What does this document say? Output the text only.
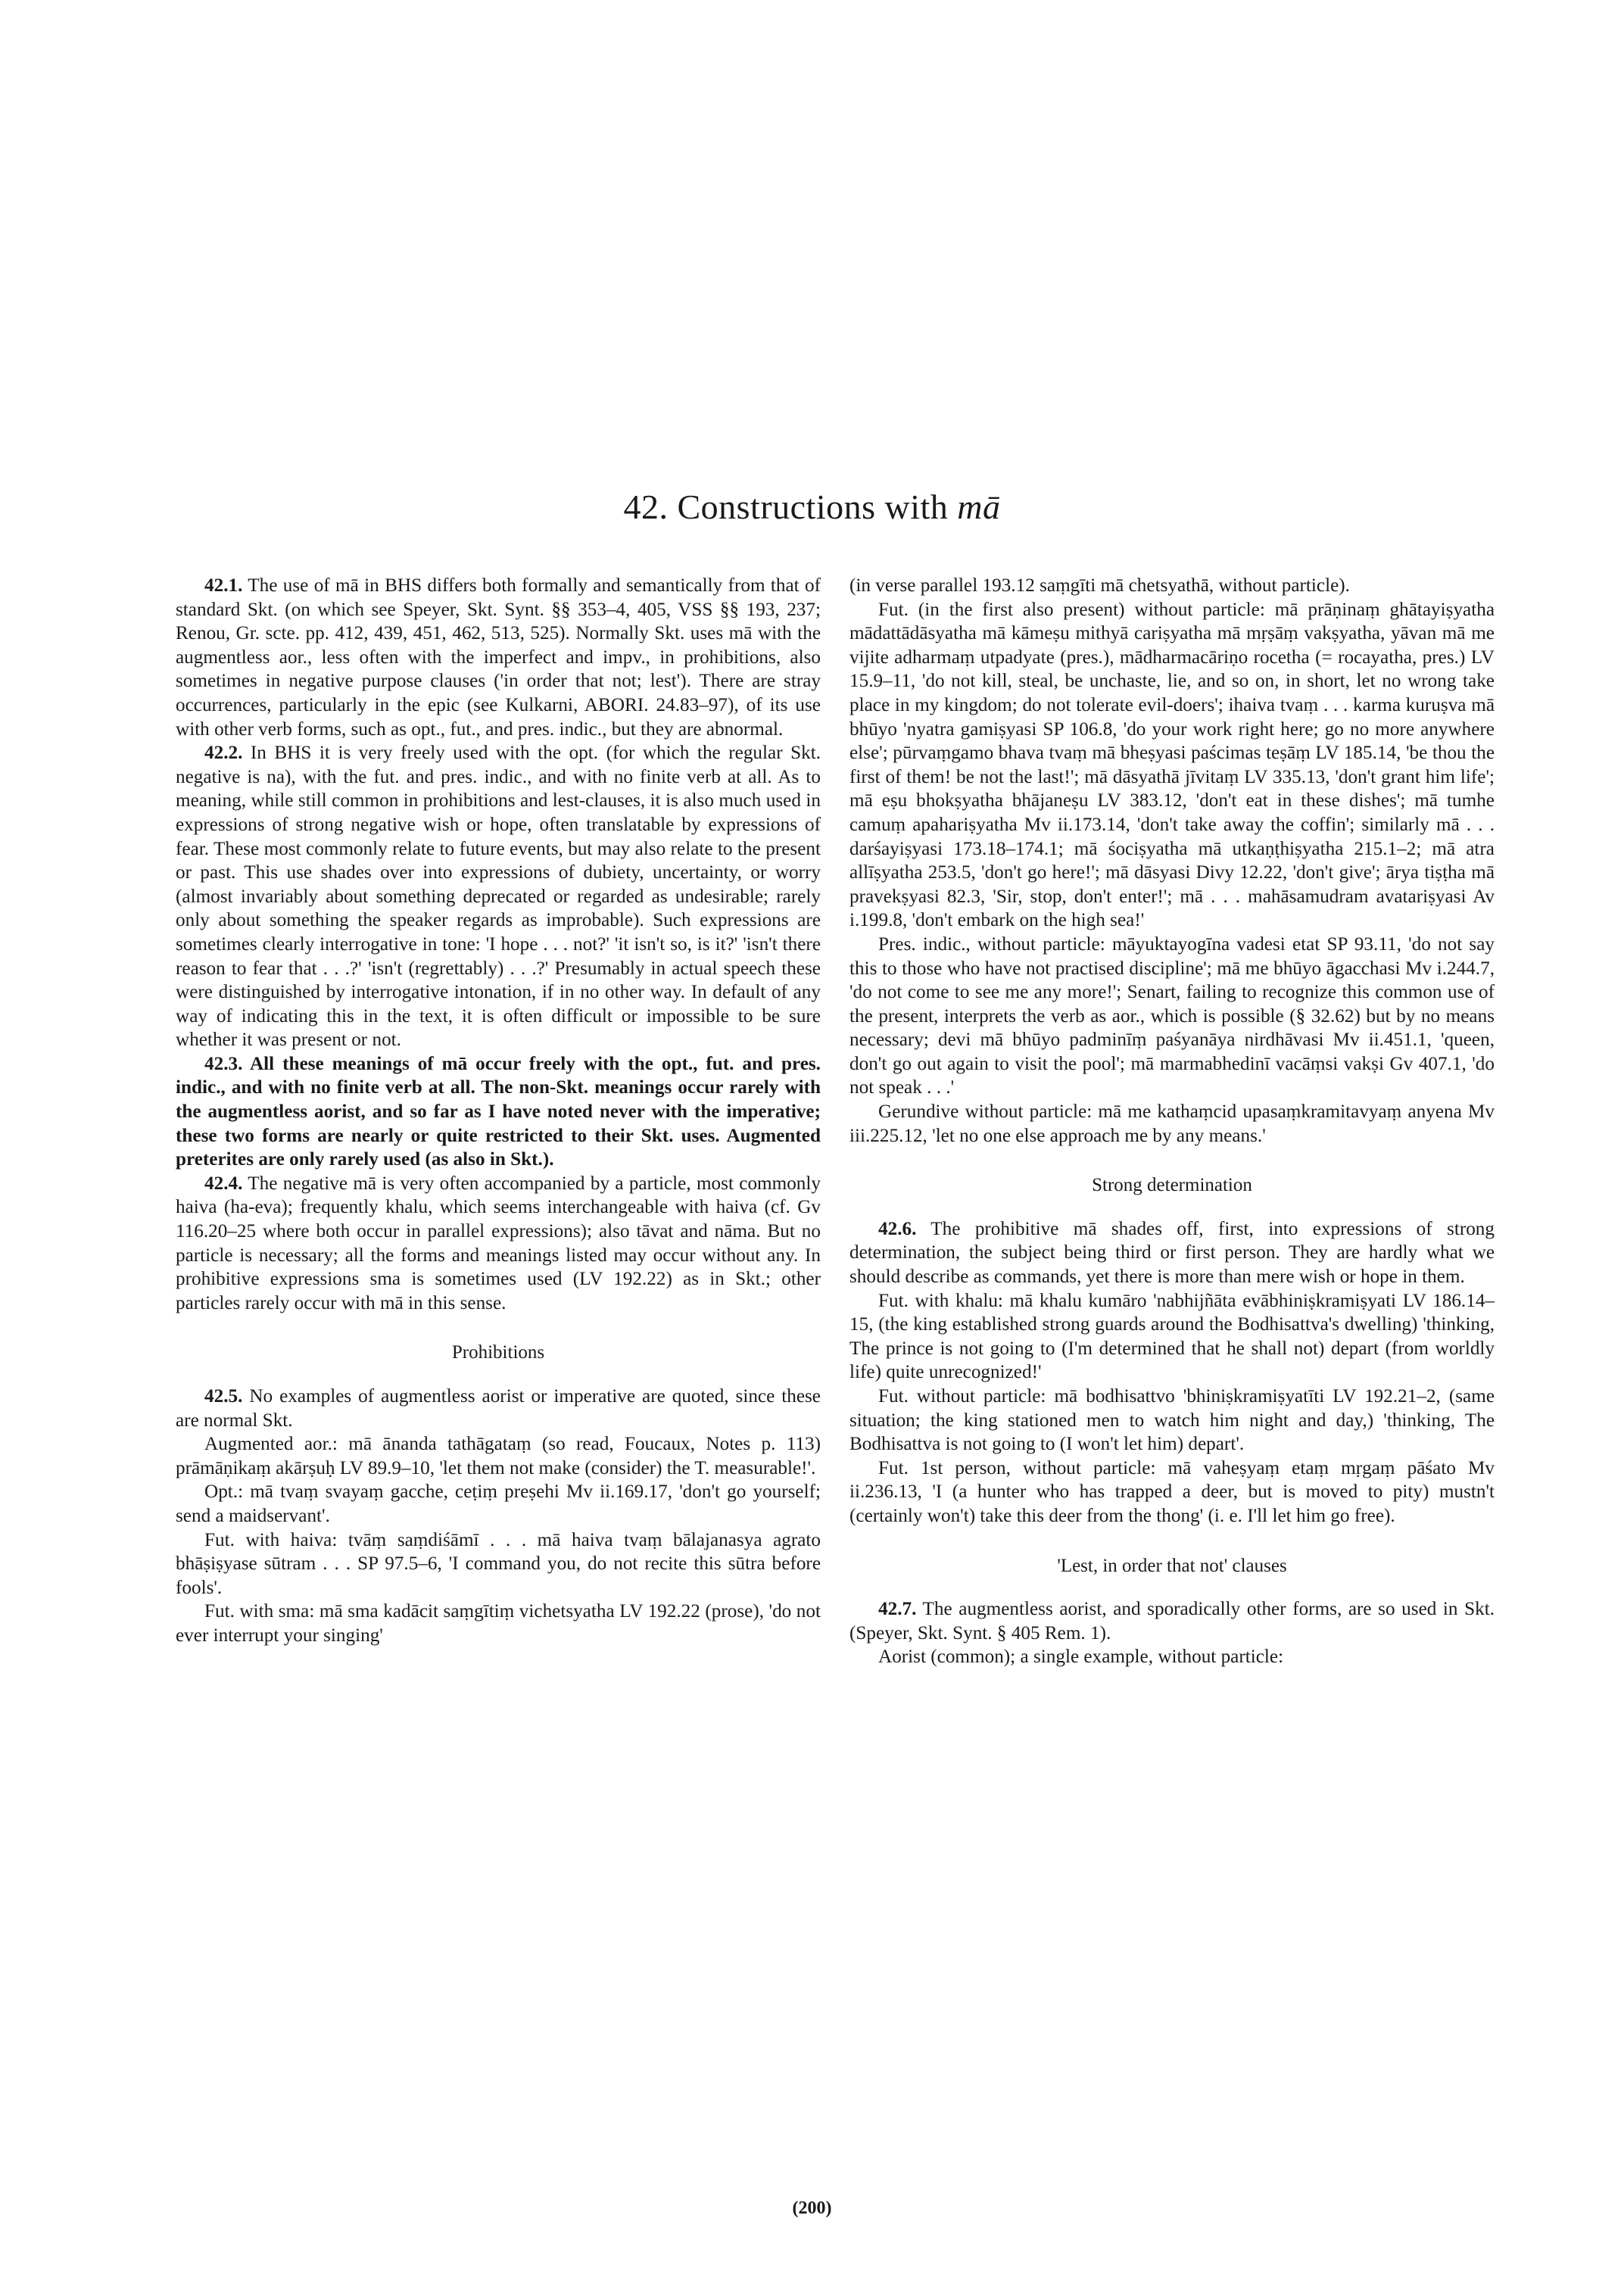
42. Constructions with mā

42.1. The use of mā in BHS differs both formally and semantically from that of standard Skt. (on which see Speyer, Skt. Synt. §§ 353–4, 405, VSS §§ 193, 237; Renou, Gr. scte. pp. 412, 439, 451, 462, 513, 525). Normally Skt. uses mā with the augmentless aor., less often with the imperfect and impv., in prohibitions, also sometimes in negative purpose clauses ('in order that not; lest'). There are stray occurrences, particularly in the epic (see Kulkarni, ABORI. 24.83–97), of its use with other verb forms, such as opt., fut., and pres. indic., but they are abnormal.

42.2. In BHS it is very freely used with the opt. (for which the regular Skt. negative is na), with the fut. and pres. indic., and with no finite verb at all. As to meaning, while still common in prohibitions and lest-clauses, it is also much used in expressions of strong negative wish or hope, often translatable by expressions of fear. These most commonly relate to future events, but may also relate to the present or past. This use shades over into expressions of dubiety, uncertainty, or worry (almost invariably about something deprecated or regarded as undesirable; rarely only about something the speaker regards as improbable). Such expressions are sometimes clearly interrogative in tone: 'I hope . . . not?' 'it isn't so, is it?' 'isn't there reason to fear that . . .?' 'isn't (regrettably) . . .?' Presumably in actual speech these were distinguished by interrogative intonation, if in no other way. In default of any way of indicating this in the text, it is often difficult or impossible to be sure whether it was present or not.

42.3. All these meanings of mā occur freely with the opt., fut. and pres. indic., and with no finite verb at all. The non-Skt. meanings occur rarely with the augmentless aorist, and so far as I have noted never with the imperative; these two forms are nearly or quite restricted to their Skt. uses. Augmented preterites are only rarely used (as also in Skt.).

42.4. The negative mā is very often accompanied by a particle, most commonly haiva (ha-eva); frequently khalu, which seems interchangeable with haiva (cf. Gv 116.20–25 where both occur in parallel expressions); also tāvat and nāma. But no particle is necessary; all the forms and meanings listed may occur without any. In prohibitive expressions sma is sometimes used (LV 192.22) as in Skt.; other particles rarely occur with mā in this sense.

Prohibitions

42.5. No examples of augmentless aorist or imperative are quoted, since these are normal Skt.

Augmented aor.: mā ānanda tathāgataṃ (so read, Foucaux, Notes p. 113) prāmāṇikaṃ akārṣuḥ LV 89.9–10, 'let them not make (consider) the T. measurable!'.

Opt.: mā tvaṃ svayaṃ gacche, ceṭiṃ preṣehi Mv ii.169.17, 'don't go yourself; send a maidservant'.

Fut. with haiva: tvāṃ saṃdiśāmī . . . mā haiva tvaṃ bālajanasya agrato bhāṣiṣyase sūtram . . . SP 97.5–6, 'I command you, do not recite this sūtra before fools'.

Fut. with sma: mā sma kadācit saṃgītiṃ vichetsyatha LV 192.22 (prose), 'do not ever interrupt your singing'

(in verse parallel 193.12 saṃgīti mā chetsyathā, without particle).

Fut. (in the first also present) without particle: mā prāṇinaṃ ghātayiṣyatha mādattādāsyatha mā kāmeṣu mithyā cariṣyatha mā mṛṣāṃ vakṣyatha, yāvan mā me vijite adharmaṃ utpadyate (pres.), mādharmacāriṇo rocetha (= rocayatha, pres.) LV 15.9–11, 'do not kill, steal, be unchaste, lie, and so on, in short, let no wrong take place in my kingdom; do not tolerate evil-doers'; ihaiva tvaṃ . . . karma kuruṣva mā bhūyo 'nyatra gamiṣyasi SP 106.8, 'do your work right here; go no more anywhere else'; pūrvaṃgamo bhava tvaṃ mā bheṣyasi paścimas teṣāṃ LV 185.14, 'be thou the first of them! be not the last!'; mā dāsyathā jīvitaṃ LV 335.13, 'don't grant him life'; mā eṣu bhokṣyatha bhājaneṣu LV 383.12, 'don't eat in these dishes'; mā tumhe camuṃ apahariṣyatha Mv ii.173.14, 'don't take away the coffin'; similarly mā . . . darśayiṣyasi 173.18–174.1; mā śociṣyatha mā utkaṇṭhiṣyatha 215.1–2; mā atra allīṣyatha 253.5, 'don't go here!'; mā dāsyasi Divy 12.22, 'don't give'; ārya tiṣṭha mā pravekṣyasi 82.3, 'Sir, stop, don't enter!'; mā . . . mahāsamudram avatariṣyasi Av i.199.8, 'don't embark on the high sea!'

Pres. indic., without particle: māyuktayogīna vadesi etat SP 93.11, 'do not say this to those who have not practised discipline'; mā me bhūyo āgacchasi Mv i.244.7, 'do not come to see me any more!'; Senart, failing to recognize this common use of the present, interprets the verb as aor., which is possible (§ 32.62) but by no means necessary; devi mā bhūyo padminīṃ paśyanāya nirdhāvasi Mv ii.451.1, 'queen, don't go out again to visit the pool'; mā marmabhedinī vacāṃsi vakṣi Gv 407.1, 'do not speak . . .'

Gerundive without particle: mā me kathaṃcid upasaṃkramitavyaṃ anyena Mv iii.225.12, 'let no one else approach me by any means.'

Strong determination

42.6. The prohibitive mā shades off, first, into expressions of strong determination, the subject being third or first person. They are hardly what we should describe as commands, yet there is more than mere wish or hope in them.

Fut. with khalu: mā khalu kumāro 'nabhijñāta evābhiniṣkramiṣyati LV 186.14–15, (the king established strong guards around the Bodhisattva's dwelling) 'thinking, The prince is not going to (I'm determined that he shall not) depart (from worldly life) quite unrecognized!'

Fut. without particle: mā bodhisattvo 'bhiniṣkramiṣyatīti LV 192.21–2, (same situation; the king stationed men to watch him night and day,) 'thinking, The Bodhisattva is not going to (I won't let him) depart'.

Fut. 1st person, without particle: mā vaheṣyaṃ etaṃ mṛgaṃ pāśato Mv ii.236.13, 'I (a hunter who has trapped a deer, but is moved to pity) mustn't (certainly won't) take this deer from the thong' (i. e. I'll let him go free).

'Lest, in order that not' clauses

42.7. The augmentless aorist, and sporadically other forms, are so used in Skt. (Speyer, Skt. Synt. § 405 Rem. 1).

Aorist (common); a single example, without particle:

(200)
